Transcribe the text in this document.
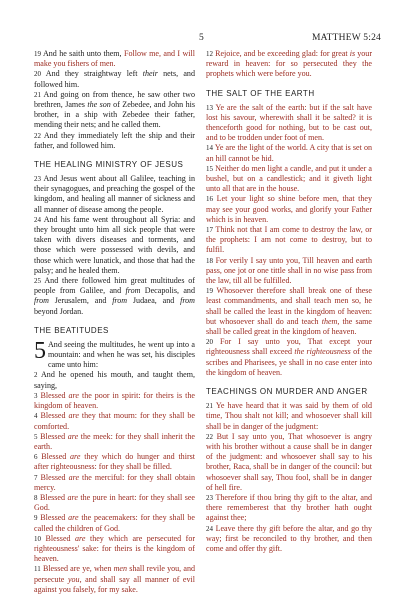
5	MATTHEW 5:24

19 And he saith unto them, Follow me, and I will make you fishers of men.

20 And they straightway left their nets, and followed him.

21 And going on from thence, he saw other two brethren, James the son of Zebedee, and John his brother, in a ship with Zebedee their father, mending their nets; and he called them.

22 And they immediately left the ship and their father, and followed him.

THE HEALING MINISTRY OF JESUS

23 And Jesus went about all Galilee, teaching in their synagogues, and preaching the gospel of the kingdom, and healing all manner of sickness and all manner of disease among the people.

24 And his fame went throughout all Syria: and they brought unto him all sick people that were taken with divers diseases and torments, and those which were possessed with devils, and those which were lunatick, and those that had the palsy; and he healed them.

25 And there followed him great multitudes of people from Galilee, and from Decapolis, and from Jerusalem, and from Judaea, and from beyond Jordan.

THE BEATITUDES

5 And seeing the multitudes, he went up into a mountain: and when he was set, his disciples came unto him:

2 And he opened his mouth, and taught them, saying,

3 Blessed are the poor in spirit: for theirs is the kingdom of heaven.

4 Blessed are they that mourn: for they shall be comforted.

5 Blessed are the meek: for they shall inherit the earth.

6 Blessed are they which do hunger and thirst after righteousness: for they shall be filled.

7 Blessed are the merciful: for they shall obtain mercy.

8 Blessed are the pure in heart: for they shall see God.

9 Blessed are the peacemakers: for they shall be called the children of God.

10 Blessed are they which are persecuted for righteousness' sake: for theirs is the kingdom of heaven.

11 Blessed are ye, when men shall revile you, and persecute you, and shall say all manner of evil against you falsely, for my sake.

12 Rejoice, and be exceeding glad: for great is your reward in heaven: for so persecuted they the prophets which were before you.

THE SALT OF THE EARTH

13 Ye are the salt of the earth: but if the salt have lost his savour, wherewith shall it be salted? it is thenceforth good for nothing, but to be cast out, and to be trodden under foot of men.

14 Ye are the light of the world. A city that is set on an hill cannot be hid.

15 Neither do men light a candle, and put it under a bushel, but on a candlestick; and it giveth light unto all that are in the house.

16 Let your light so shine before men, that they may see your good works, and glorify your Father which is in heaven.

17 Think not that I am come to destroy the law, or the prophets: I am not come to destroy, but to fulfil.

18 For verily I say unto you, Till heaven and earth pass, one jot or one tittle shall in no wise pass from the law, till all be fulfilled.

19 Whosoever therefore shall break one of these least commandments, and shall teach men so, he shall be called the least in the kingdom of heaven: but whosoever shall do and teach them, the same shall be called great in the kingdom of heaven.

20 For I say unto you, That except your righteousness shall exceed the righteousness of the scribes and Pharisees, ye shall in no case enter into the kingdom of heaven.

TEACHINGS ON MURDER AND ANGER

21 Ye have heard that it was said by them of old time, Thou shalt not kill; and whosoever shall kill shall be in danger of the judgment:

22 But I say unto you, That whosoever is angry with his brother without a cause shall be in danger of the judgment: and whosoever shall say to his brother, Raca, shall be in danger of the council: but whosoever shall say, Thou fool, shall be in danger of hell fire.

23 Therefore if thou bring thy gift to the altar, and there rememberest that thy brother hath ought against thee;

24 Leave there thy gift before the altar, and go thy way; first be reconciled to thy brother, and then come and offer thy gift.
